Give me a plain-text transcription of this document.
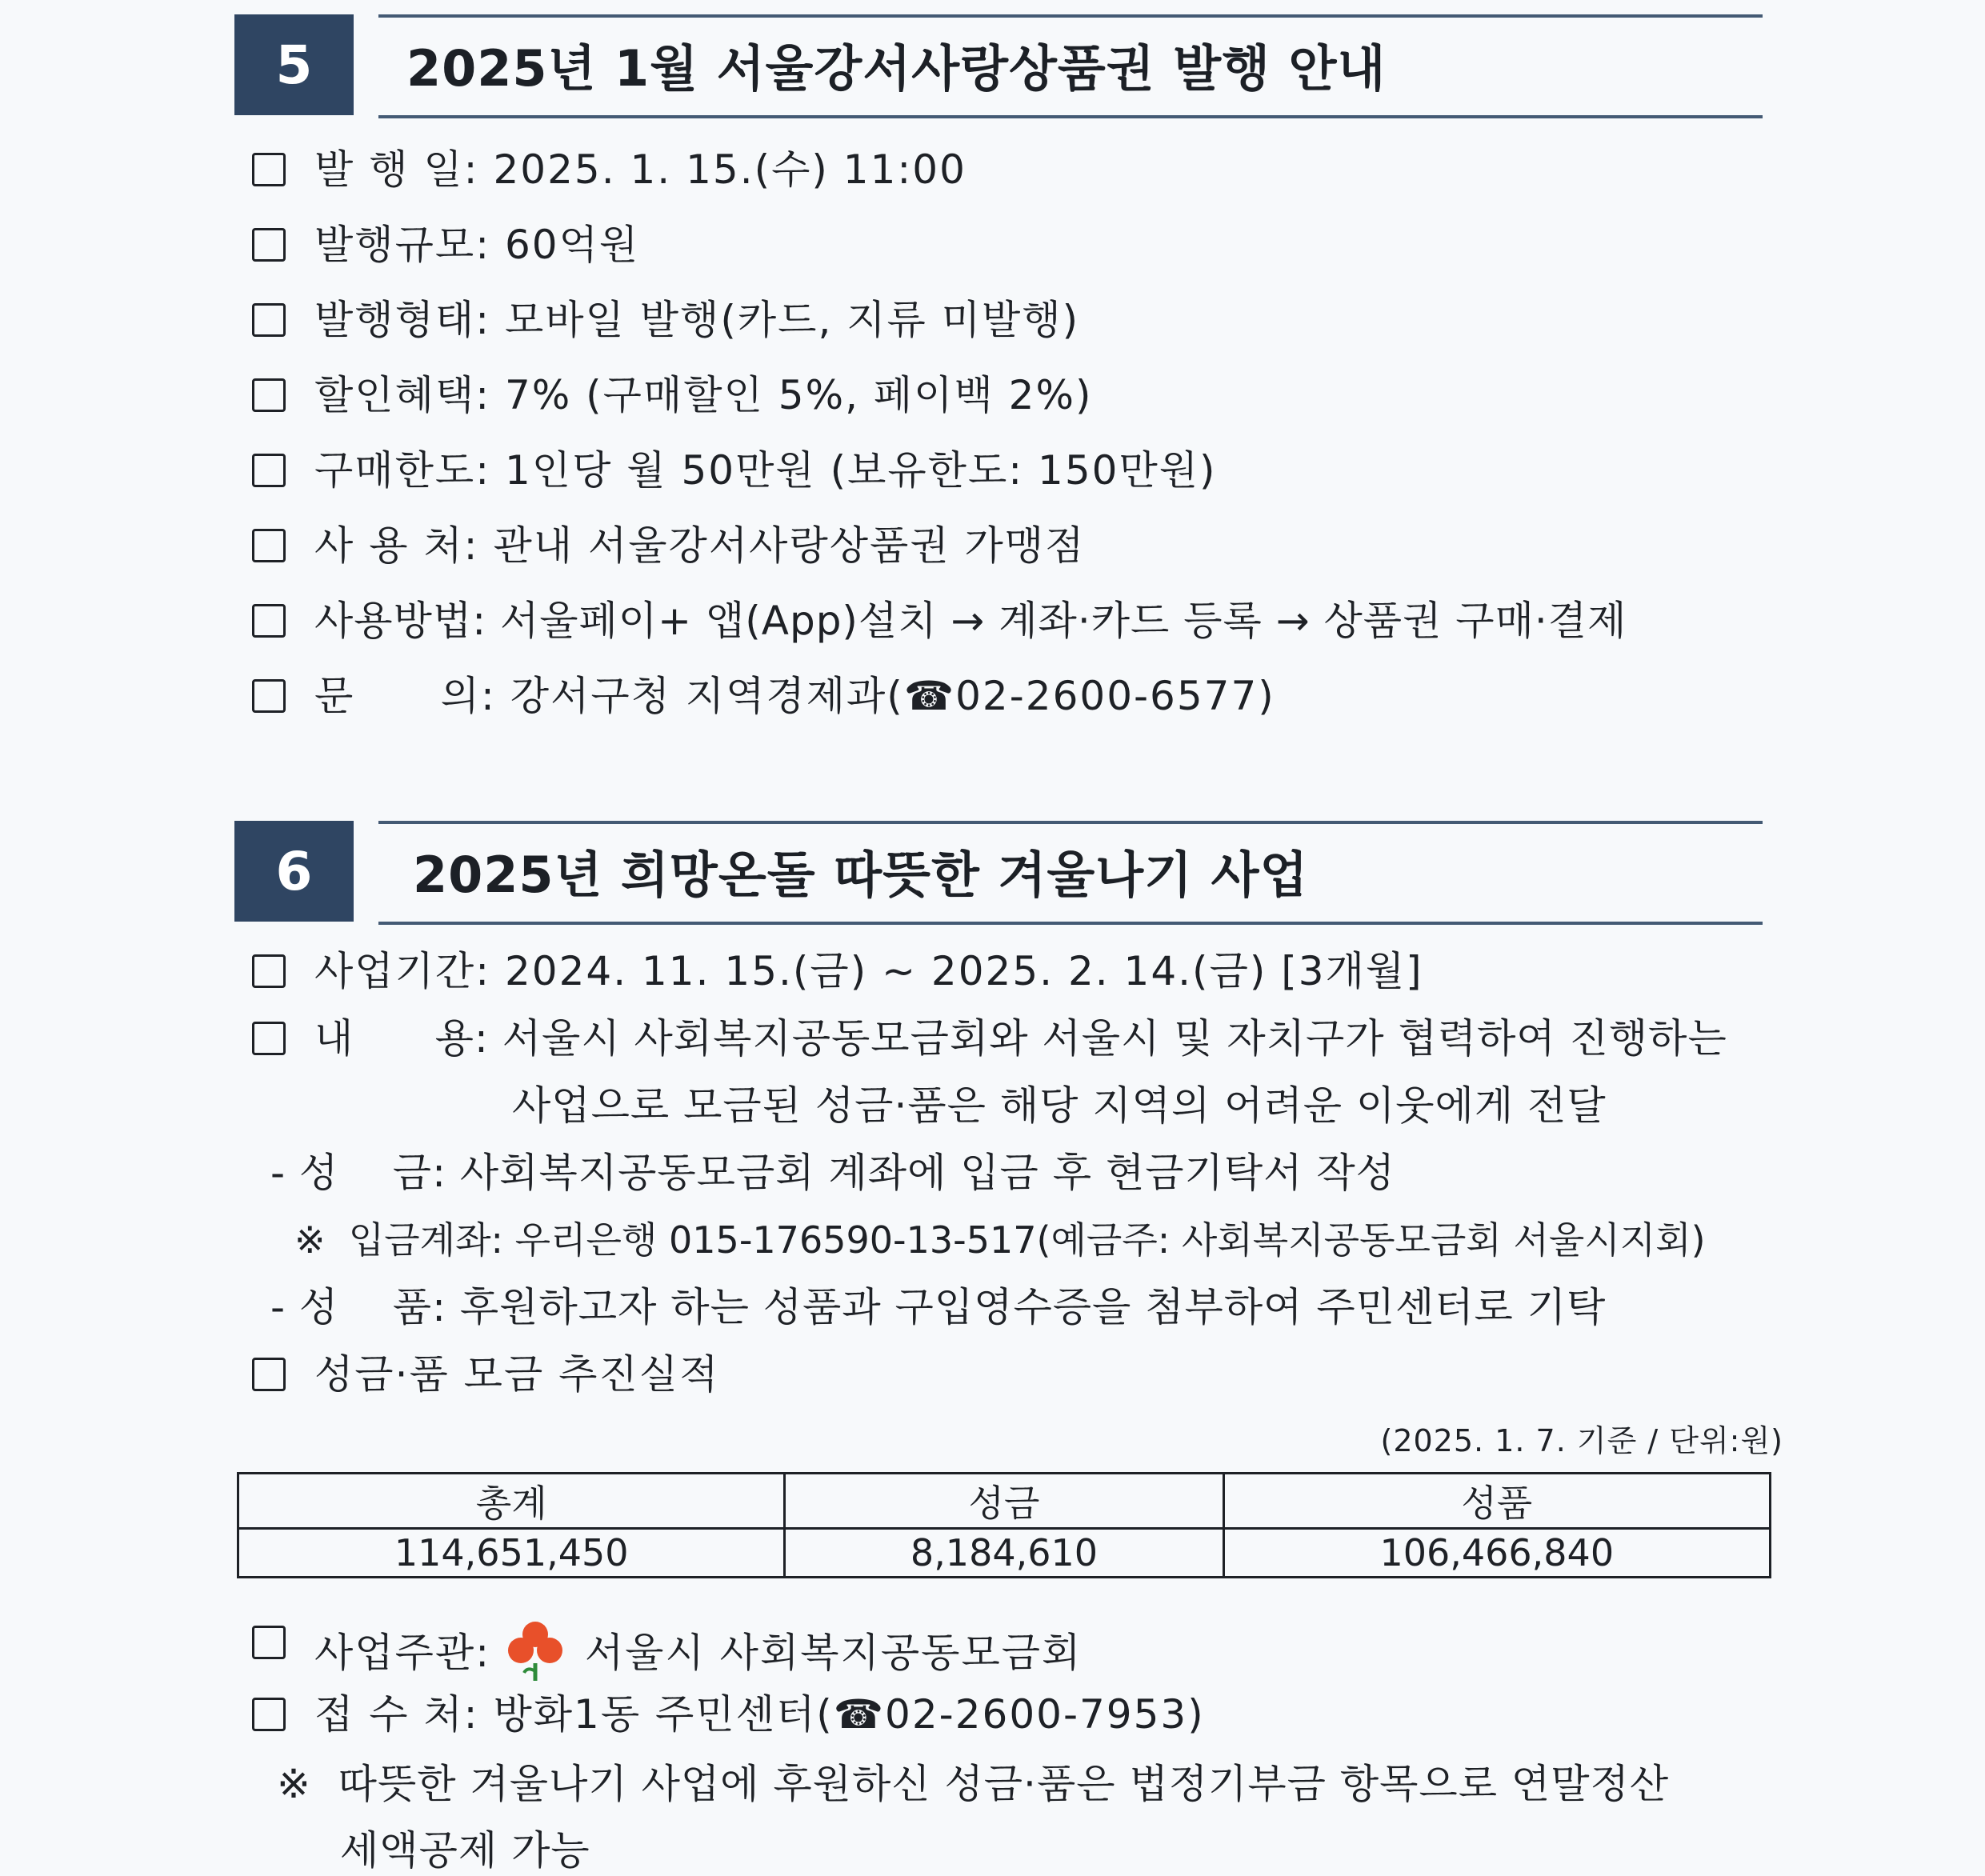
5	2025년 1월 서울강서사랑상품권 발행 안내
발 행 일: 2025. 1. 15.(수) 11:00
발행규모: 60억원
발행형태: 모바일 발행(카드, 지류 미발행)
할인혜택: 7% (구매할인 5%, 페이백 2%)
구매한도: 1인당 월 50만원 (보유한도: 150만원)
사 용 처: 관내 서울강서사랑상품권 가맹점
사용방법: 서울페이+ 앱(App)설치 → 계좌·카드 등록 → 상품권 구매·결제
문      의: 강서구청 지역경제과(☎02-2600-6577)
6	2025년 희망온돌 따뜻한 겨울나기 사업
사업기간: 2024. 11. 15.(금) ~ 2025. 2. 14.(금) [3개월]
내      용: 서울시 사회복지공동모금회와 서울시 및 자치구가 협력하여 진행하는
사업으로 모금된 성금·품은 해당 지역의 어려운 이웃에게 전달
- 성    금: 사회복지공동모금회 계좌에 입금 후 현금기탁서 작성
※  입금계좌: 우리은행 015-176590-13-517(예금주: 사회복지공동모금회 서울시지회)
- 성    품: 후원하고자 하는 성품과 구입영수증을 첨부하여 주민센터로 기탁
성금·품 모금 추진실적
(2025. 1. 7. 기준 / 단위:원)
총계	성금	성품
114,651,450	8,184,610	106,466,840
사업주관: 서울시 사회복지공동모금회
접 수 처: 방화1동 주민센터(☎02-2600-7953)
※  따뜻한 겨울나기 사업에 후원하신 성금·품은 법정기부금 항목으로 연말정산
세액공제 가능
